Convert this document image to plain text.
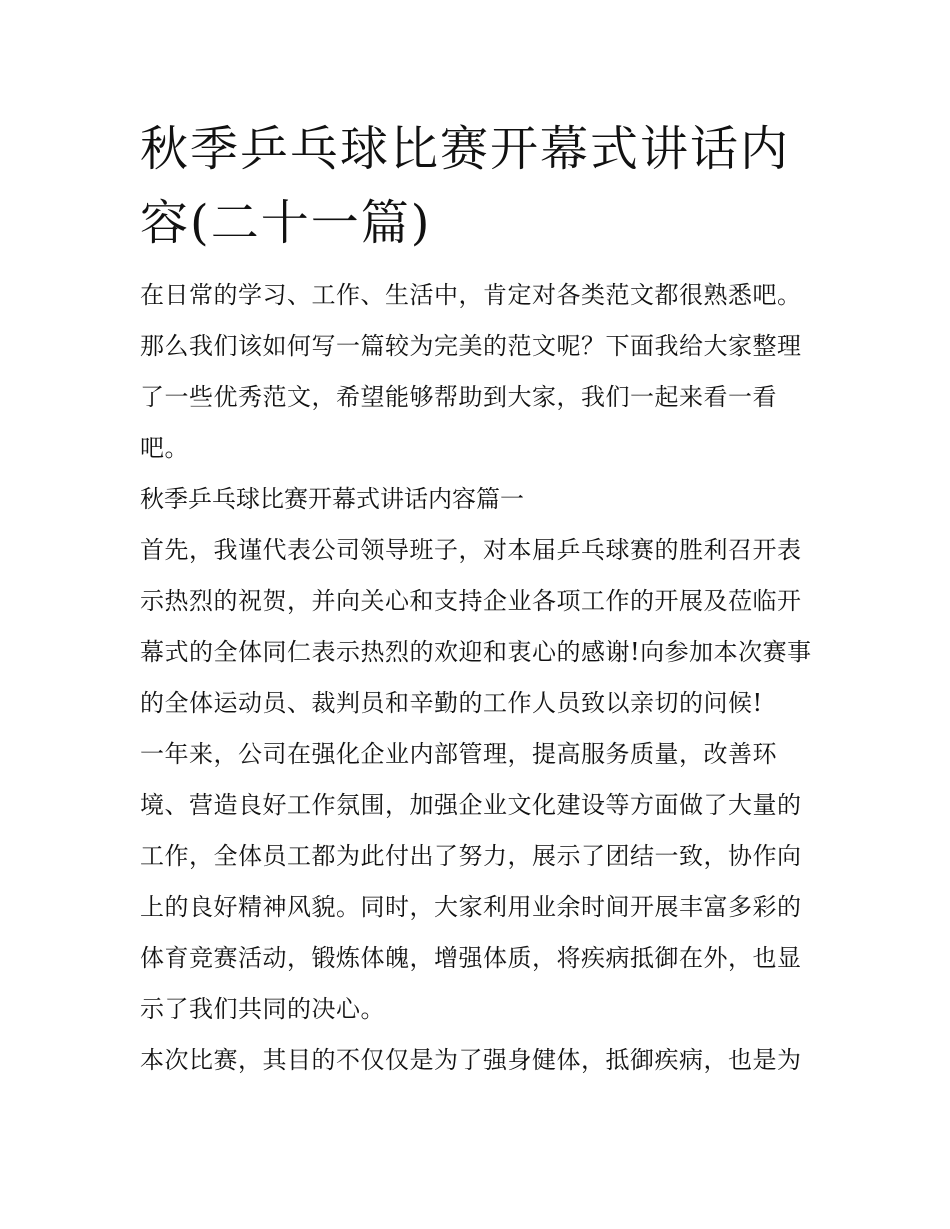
秋季乒乓球比赛开幕式讲话内容(二十一篇)

在日常的学习、工作、生活中，肯定对各类范文都很熟悉吧。那么我们该如何写一篇较为完美的范文呢？下面我给大家整理了一些优秀范文，希望能够帮助到大家，我们一起来看一看吧。

秋季乒乓球比赛开幕式讲话内容篇一

首先，我谨代表公司领导班子，对本届乒乓球赛的胜利召开表示热烈的祝贺，并向关心和支持企业各项工作的开展及莅临开幕式的全体同仁表示热烈的欢迎和衷心的感谢!向参加本次赛事的全体运动员、裁判员和辛勤的工作人员致以亲切的问候!

一年来，公司在强化企业内部管理，提高服务质量，改善环境、营造良好工作氛围，加强企业文化建设等方面做了大量的工作，全体员工都为此付出了努力，展示了团结一致，协作向上的良好精神风貌。同时，大家利用业余时间开展丰富多彩的体育竞赛活动，锻炼体魄，增强体质，将疾病抵御在外，也显示了我们共同的决心。

本次比赛，其目的不仅仅是为了强身健体，抵御疾病，也是为
